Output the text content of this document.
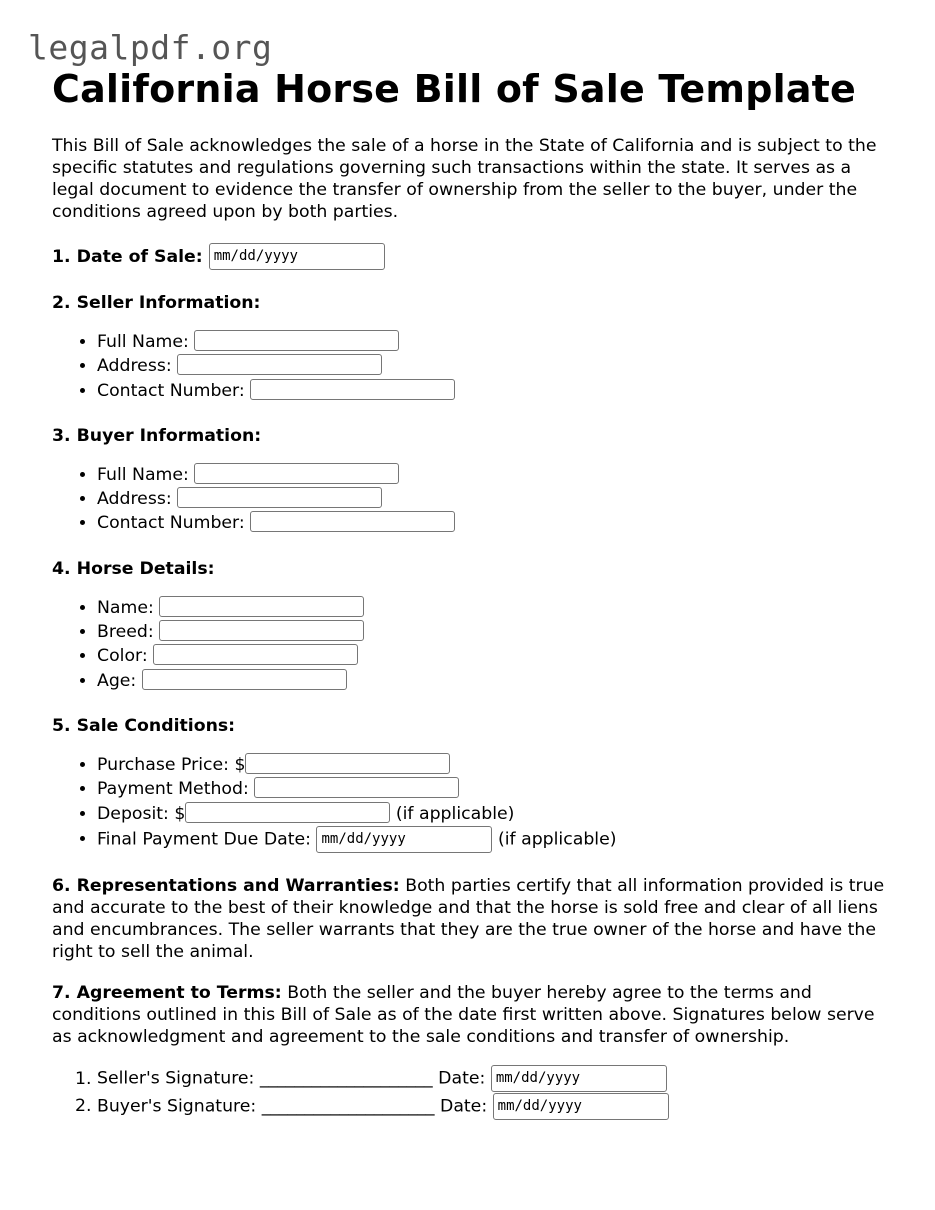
legalpdf.org
California Horse Bill of Sale Template

This Bill of Sale acknowledges the sale of a horse in the State of California and is subject to the specific statutes and regulations governing such transactions within the state. It serves as a legal document to evidence the transfer of ownership from the seller to the buyer, under the conditions agreed upon by both parties.

1. Date of Sale: mm/dd/yyyy
2. Seller Information:
• Full Name:
• Address:
• Contact Number:
3. Buyer Information:
• Full Name:
• Address:
• Contact Number:
4. Horse Details:
• Name:
• Breed:
• Color:
• Age:
5. Sale Conditions:
• Purchase Price: $
• Payment Method:
• Deposit: $	(if applicable)
• Final Payment Due Date: mm/dd/yyyy	(if applicable)

6. Representations and Warranties: Both parties certify that all information provided is true and accurate to the best of their knowledge and that the horse is sold free and clear of all liens and encumbrances. The seller warrants that they are the true owner of the horse and have the right to sell the animal.

7. Agreement to Terms: Both the seller and the buyer hereby agree to the terms and conditions outlined in this Bill of Sale as of the date first written above. Signatures below serve as acknowledgment and agreement to the sale conditions and transfer of ownership.

1. Seller's Signature: ____________________ Date: mm/dd/yyyy
2. Buyer's Signature: ____________________ Date: mm/dd/yyyy
